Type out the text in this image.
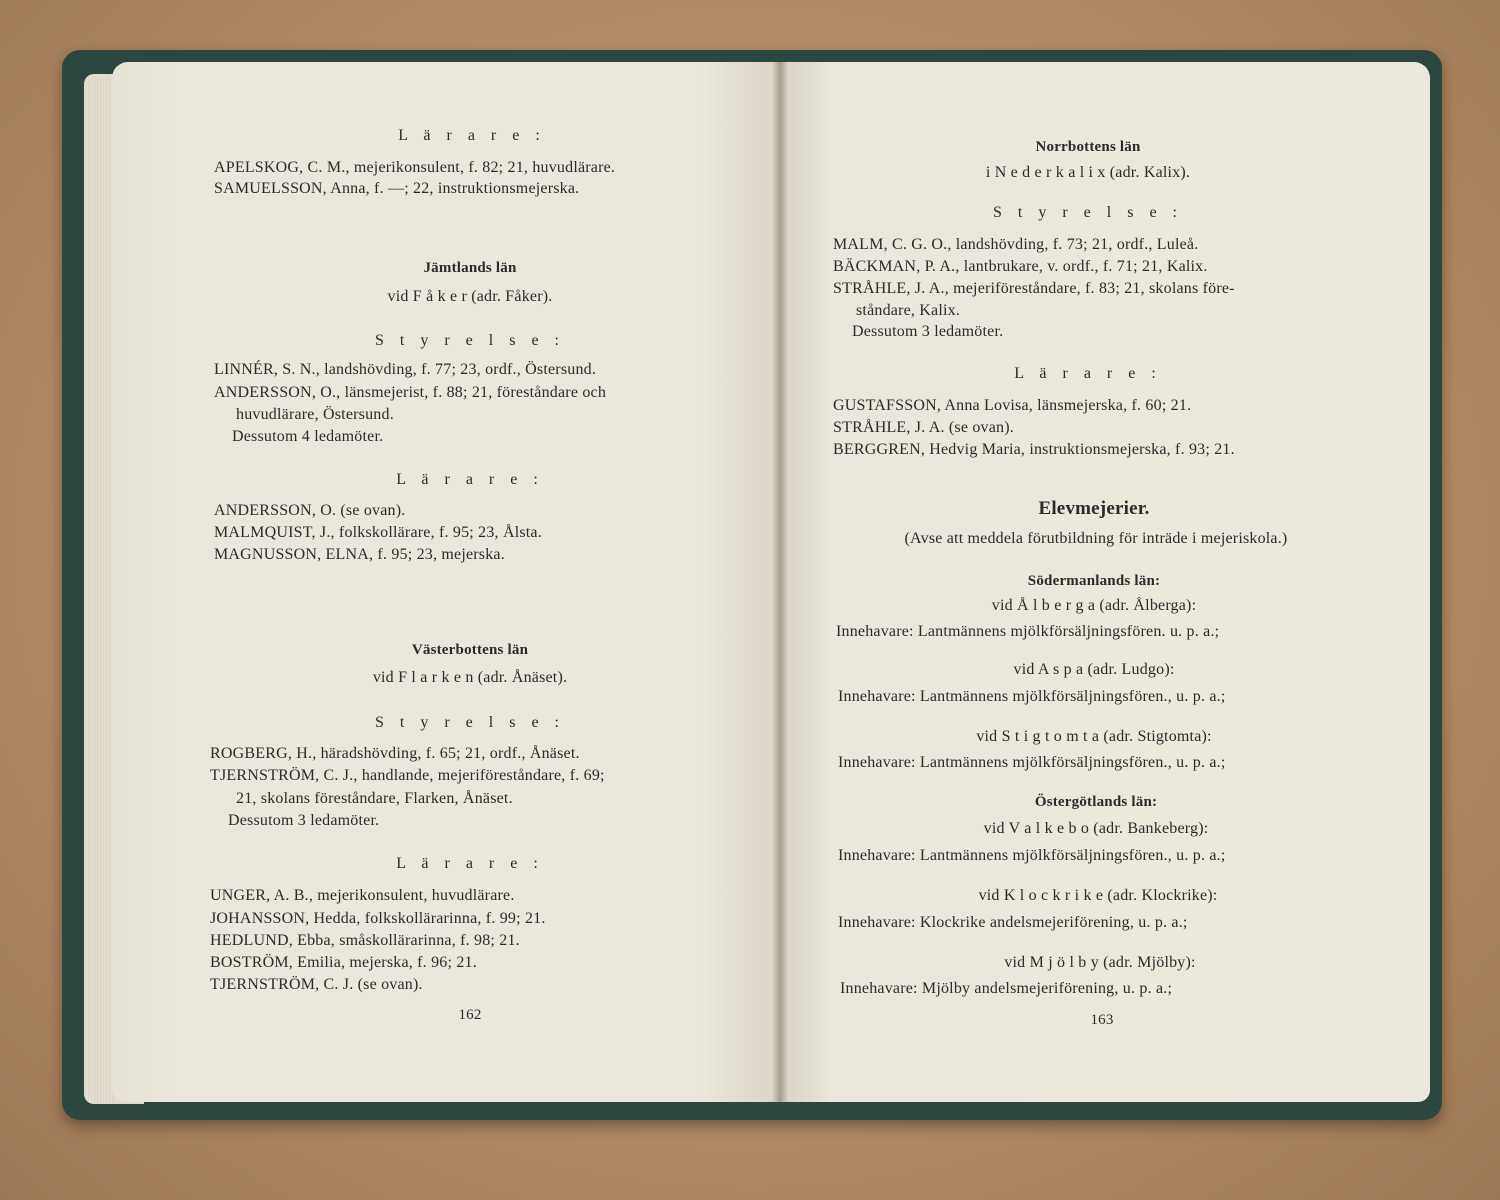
L ä r a r e :
APELSKOG, C. M., mejerikonsulent, f. 82; 21, huvudlärare.
SAMUELSSON, Anna, f. —; 22, instruktionsmejerska.
Jämtlands län
vid F å k e r (adr. Fåker).
S t y r e l s e :
LINNÉR, S. N., landshövding, f. 77; 23, ordf., Östersund.
ANDERSSON, O., länsmejerist, f. 88; 21, föreståndare och
huvudlärare, Östersund.
Dessutom 4 ledamöter.
L ä r a r e :
ANDERSSON, O. (se ovan).
MALMQUIST, J., folkskollärare, f. 95; 23, Ålsta.
MAGNUSSON, ELNA, f. 95; 23, mejerska.
Västerbottens län
vid F l a r k e n (adr. Ånäset).
S t y r e l s e :
ROGBERG, H., häradshövding, f. 65; 21, ordf., Ånäset.
TJERNSTRÖM, C. J., handlande, mejeriföreståndare, f. 69;
21, skolans föreståndare, Flarken, Ånäset.
Dessutom 3 ledamöter.
L ä r a r e :
UNGER, A. B., mejerikonsulent, huvudlärare.
JOHANSSON, Hedda, folkskollärarinna, f. 99; 21.
HEDLUND, Ebba, småskollärarinna, f. 98; 21.
BOSTRÖM, Emilia, mejerska, f. 96; 21.
TJERNSTRÖM, C. J. (se ovan).
162
Norrbottens län
i N e d e r k a l i x (adr. Kalix).
S t y r e l s e :
MALM, C. G. O., landshövding, f. 73; 21, ordf., Luleå.
BÄCKMAN, P. A., lantbrukare, v. ordf., f. 71; 21, Kalix.
STRÅHLE, J. A., mejeriföreståndare, f. 83; 21, skolans före-
ståndare, Kalix.
Dessutom 3 ledamöter.
L ä r a r e :
GUSTAFSSON, Anna Lovisa, länsmejerska, f. 60; 21.
STRÅHLE, J. A. (se ovan).
BERGGREN, Hedvig Maria, instruktionsmejerska, f. 93; 21.
Elevmejerier.
(Avse att meddela förutbildning för inträde i mejeriskola.)
Södermanlands län:
vid Å l b e r g a (adr. Ålberga):
Innehavare: Lantmännens mjölkförsäljningsfören. u. p. a.;
vid A s p a (adr. Ludgo):
Innehavare: Lantmännens mjölkförsäljningsfören., u. p. a.;
vid S t i g t o m t a (adr. Stigtomta):
Innehavare: Lantmännens mjölkförsäljningsfören., u. p. a.;
Östergötlands län:
vid V a l k e b o (adr. Bankeberg):
Innehavare: Lantmännens mjölkförsäljningsfören., u. p. a.;
vid K l o c k r i k e (adr. Klockrike):
Innehavare: Klockrike andelsmejeriförening, u. p. a.;
vid M j ö l b y (adr. Mjölby):
Innehavare: Mjölby andelsmejeriförening, u. p. a.;
163
